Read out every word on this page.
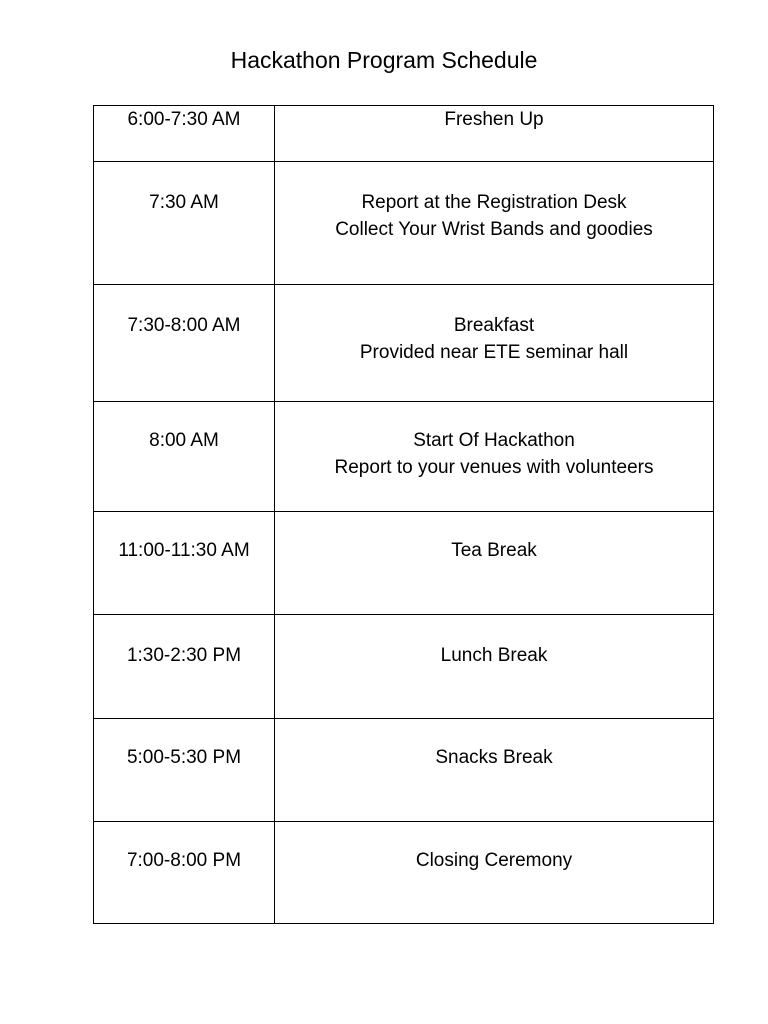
Hackathon Program Schedule
6:00-7:30 AM	Freshen Up

7:30 AM	Report at the Registration Desk
Collect Your Wrist Bands and goodies

7:30-8:00 AM	Breakfast
Provided near ETE seminar hall

8:00 AM	Start Of Hackathon
Report to your venues with volunteers

11:00-11:30 AM	Tea Break

1:30-2:30 PM	Lunch Break

5:00-5:30 PM	Snacks Break

7:00-8:00 PM	Closing Ceremony
